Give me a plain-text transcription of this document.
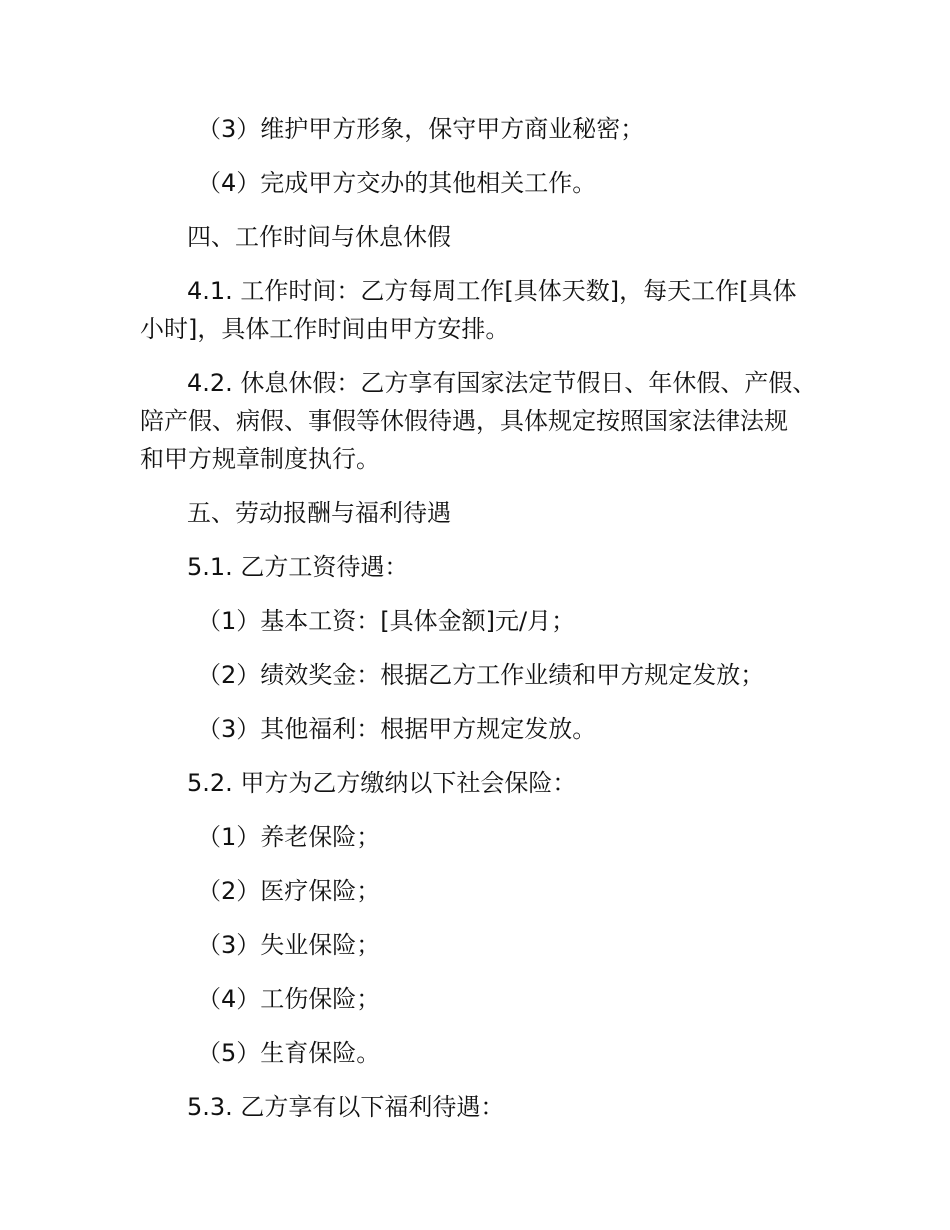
（3）维护甲方形象，保守甲方商业秘密；
（4）完成甲方交办的其他相关工作。
四、工作时间与休息休假
4.1. 工作时间：乙方每周工作[具体天数]，每天工作[具体
小时]，具体工作时间由甲方安排。
4.2. 休息休假：乙方享有国家法定节假日、年休假、产假、
陪产假、病假、事假等休假待遇，具体规定按照国家法律法规
和甲方规章制度执行。
五、劳动报酬与福利待遇
5.1. 乙方工资待遇：
（1）基本工资：[具体金额]元/月；
（2）绩效奖金：根据乙方工作业绩和甲方规定发放；
（3）其他福利：根据甲方规定发放。
5.2. 甲方为乙方缴纳以下社会保险：
（1）养老保险；
（2）医疗保险；
（3）失业保险；
（4）工伤保险；
（5）生育保险。
5.3. 乙方享有以下福利待遇：
